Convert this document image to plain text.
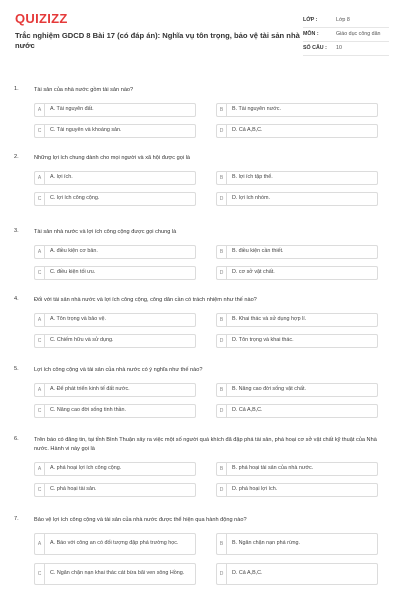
QUIZIZZ
Trắc nghiệm GDCD 8 Bài 17 (có đáp án): Nghĩa vụ tôn trọng, bảo vệ tài sản nhà nước
LỚP :	Lớp 8
MÔN :	Giáo dục công dân
SỐ CÂU :	10
1.	Tài sản của nhà nước gồm tài sản nào?
A	A. Tài nguyên đất.	B	B. Tài nguyên nước.
C	C. Tài nguyên và khoáng sản.	D	D. Cả A,B,C.
2.	Những lợi ích chung dành cho mọi người và xã hội được gọi là
A	A. lợi ích.	B	B. lợi ích tập thể.
C	C. lợi ích công cộng.	D	D. lợi ích nhóm.
3.	Tài sản nhà nước và lợi ích công cộng được gọi chung là
A	A. điều kiện cơ bản.	B	B. điều kiện cần thiết.
C	C. điều kiện tối ưu.	D	D. cơ sở vật chất.
4.	Đối với tài sản nhà nước và lợi ích công cộng, công dân cần có trách nhiệm như thế nào?
A	A. Tôn trọng và bảo vệ.	B	B. Khai thác và sử dụng hợp lí.
C	C. Chiếm hữu và sử dụng.	D	D. Tôn trọng và khai thác.
5.	Lợi ích công cộng và tài sản của nhà nước có ý nghĩa như thế nào?
A	A. Để phát triển kinh tế đất nước.	B	B. Nâng cao đời sống vật chất.
C	C. Nâng cao đời sống tinh thần.	D	D. Cả A,B,C.
6.	Trên báo có đăng tin, tại tỉnh Bình Thuận xảy ra việc một số người quá khích đã đập phá tài sản, phá hoại cơ sở vật chất kỹ thuật của Nhà nước. Hành vi này gọi là
A	A. phá hoại lợi ích công cộng.	B	B. phá hoại tài sản của nhà nước.
C	C. phá hoại tài sản.	D	D. phá hoại lợi ích.
7.	Bảo vệ lợi ích công cộng và tài sản của nhà nước được thể hiện qua hành động nào?
A	A. Báo với công an có đối tượng đập phá trường học.	B	B. Ngăn chặn nạn phá rừng.
C	C. Ngăn chặn nạn khai thác cát bừa bãi ven sông Hồng.	D	D. Cả A,B,C.
